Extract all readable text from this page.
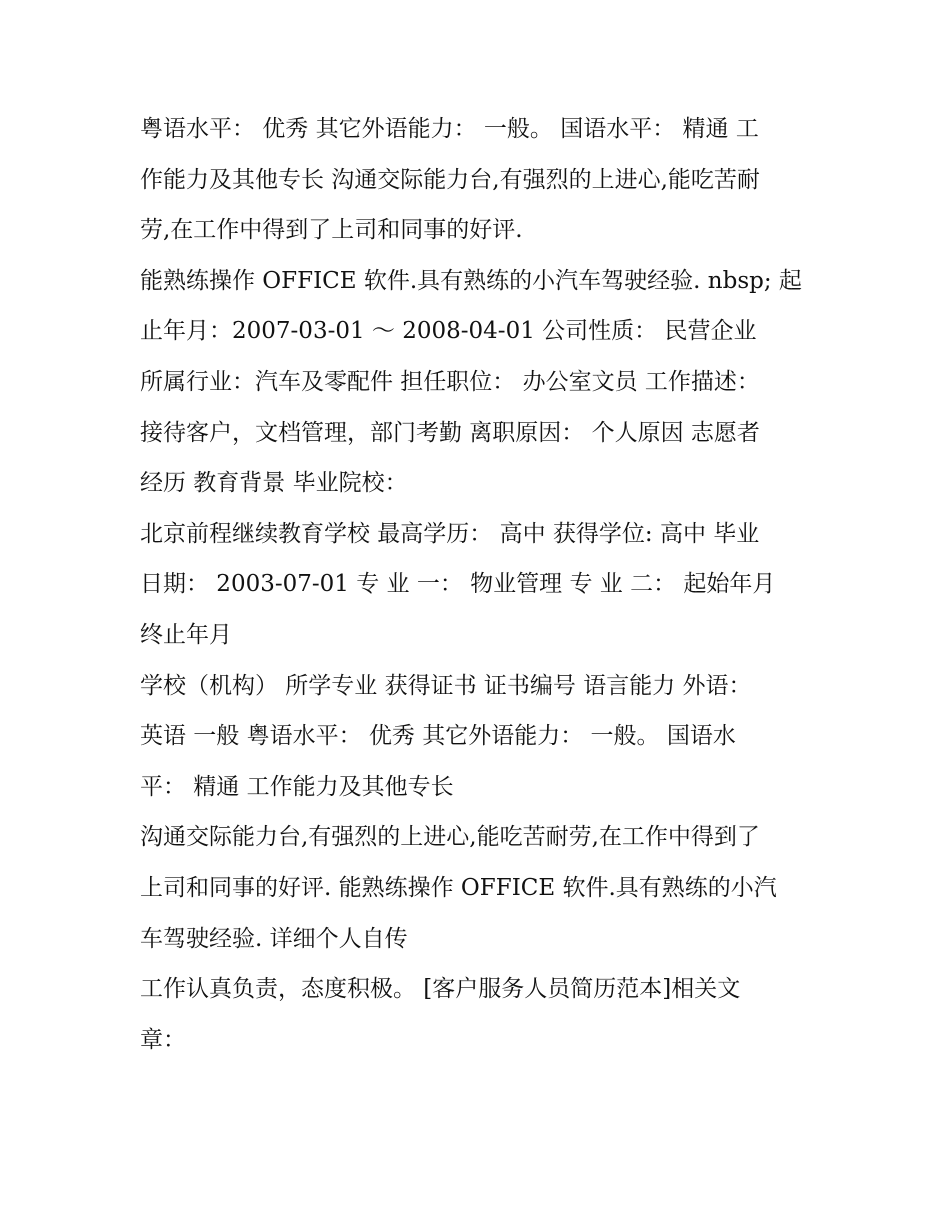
粤语水平： 优秀 其它外语能力： 一般。 国语水平： 精通 工
作能力及其他专长 沟通交际能力台,有强烈的上进心,能吃苦耐
劳,在工作中得到了上司和同事的好评.
能熟练操作 OFFICE 软件.具有熟练的小汽车驾驶经验. nbsp; 起
止年月：2007-03-01 ～ 2008-04-01 公司性质： 民营企业
所属行业：汽车及零配件 担任职位： 办公室文员 工作描述：
接待客户，文档管理，部门考勤 离职原因： 个人原因 志愿者
经历 教育背景 毕业院校：
北京前程继续教育学校 最高学历： 高中 获得学位: 高中 毕业
日期： 2003-07-01 专 业 一： 物业管理 专 业 二： 起始年月
终止年月
学校（机构） 所学专业 获得证书 证书编号 语言能力 外语：
英语 一般 粤语水平： 优秀 其它外语能力： 一般。 国语水
平： 精通 工作能力及其他专长
沟通交际能力台,有强烈的上进心,能吃苦耐劳,在工作中得到了
上司和同事的好评. 能熟练操作 OFFICE 软件.具有熟练的小汽
车驾驶经验. 详细个人自传
工作认真负责，态度积极。 [客户服务人员简历范本]相关文
章：
